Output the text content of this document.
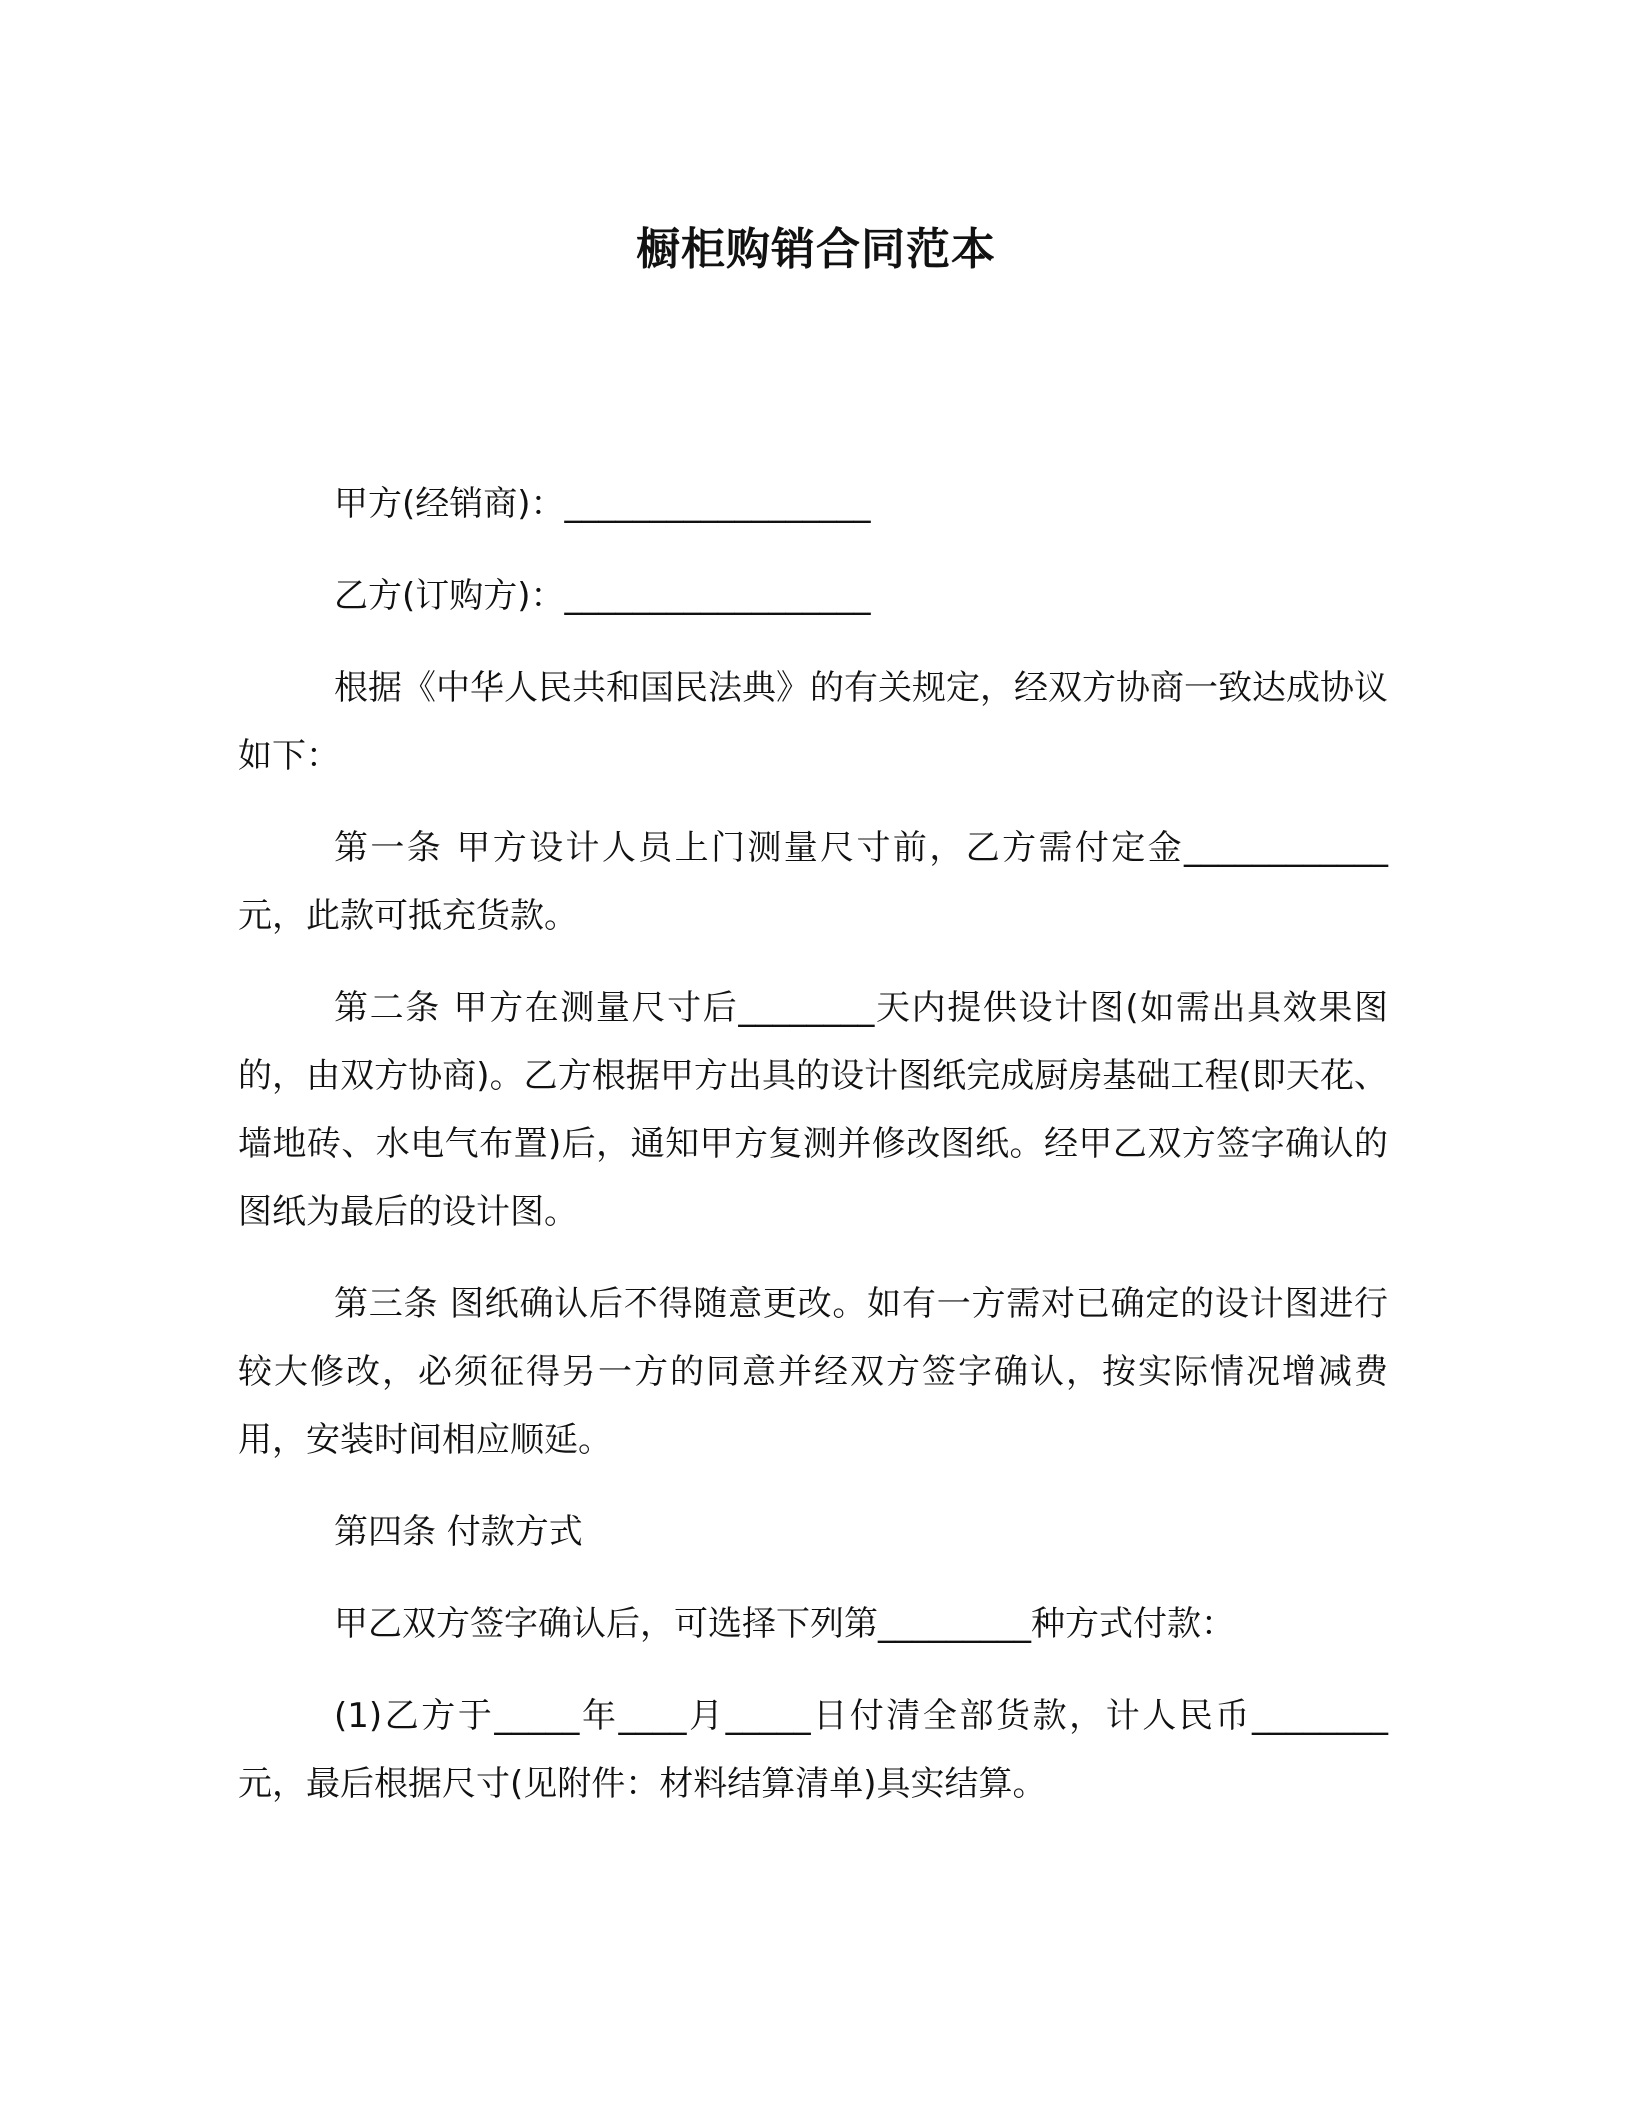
橱柜购销合同范本

甲方(经销商)：__________________

乙方(订购方)：__________________

根据《中华人民共和国民法典》的有关规定，经双方协商一致达成协议如下：

第一条 甲方设计人员上门测量尺寸前，乙方需付定金____________元，此款可抵充货款。

第二条 甲方在测量尺寸后________天内提供设计图(如需出具效果图的，由双方协商)。乙方根据甲方出具的设计图纸完成厨房基础工程(即天花、墙地砖、水电气布置)后，通知甲方复测并修改图纸。经甲乙双方签字确认的图纸为最后的设计图。

第三条 图纸确认后不得随意更改。如有一方需对已确定的设计图进行较大修改，必须征得另一方的同意并经双方签字确认，按实际情况增减费用，安装时间相应顺延。

第四条 付款方式

甲乙双方签字确认后，可选择下列第_________种方式付款：

(1)乙方于_____年____月_____日付清全部货款，计人民币________元，最后根据尺寸(见附件：材料结算清单)具实结算。
